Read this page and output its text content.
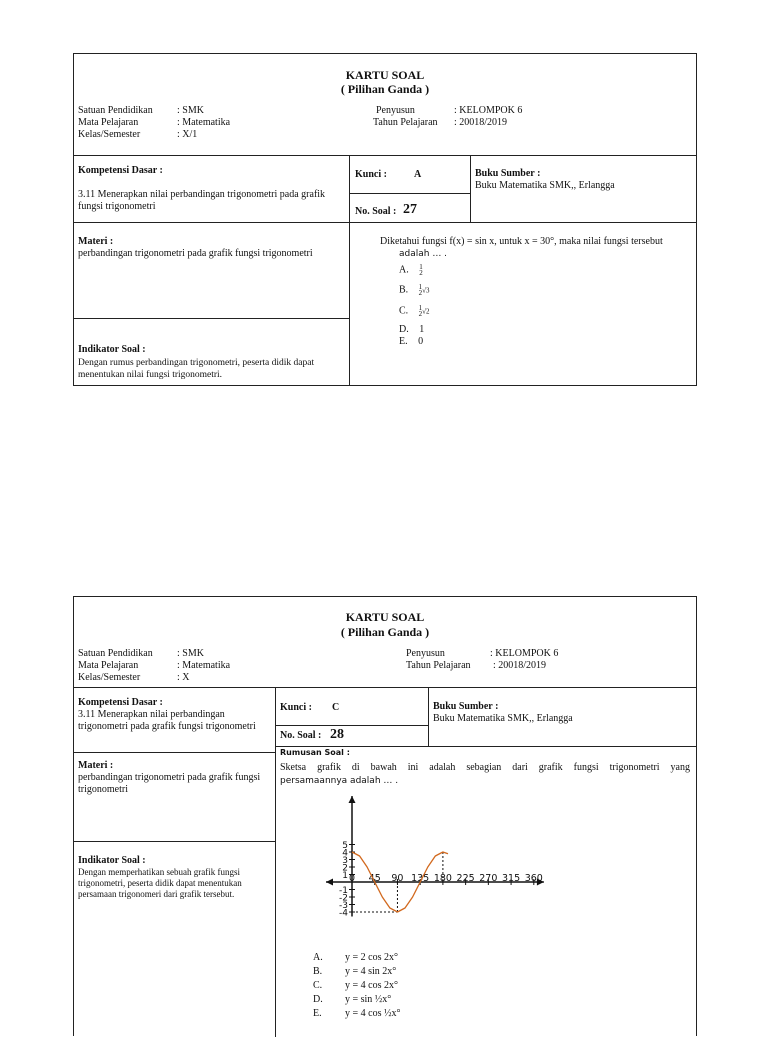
KARTU SOAL
( Pilihan Ganda )
Satuan Pendidikan : SMK
Mata Pelajaran	: Matematika
Kelas/Semester	: X/1
Penyusun	: KELOMPOK 6
Tahun Pelajaran : 20018/2019
Kompetensi Dasar :
3.11 Menerapkan nilai perbandingan trigonometri pada grafik fungsi trigonometri
Kunci :	A	Buku Sumber :
Buku Matematika SMK,, Erlangga
No. Soal : 27
Materi :
perbandingan trigonometri pada grafik fungsi trigonometri
Indikator Soal :
Dengan rumus perbandingan trigonometri, peserta didik dapat menentukan nilai fungsi trigonometri.
Diketahui fungsi f(x) = sin x, untuk x = 30°, maka nilai fungsi tersebut
adalah … .
A. 1
2
B. 1
2√3
C. 1
2√2
D. 1
E. 0
KARTU SOAL
( Pilihan Ganda )
Satuan Pendidikan : SMK
Mata Pelajaran	: Matematika
Kelas/Semester	: X
Penyusun	: KELOMPOK 6
Tahun Pelajaran : 20018/2019
Kompetensi Dasar :
3.11 Menerapkan nilai perbandingan trigonometri pada grafik fungsi trigonometri
Kunci : C	Buku Sumber :
Buku Matematika SMK,, Erlangga
No. Soal : 28
Materi :
perbandingan trigonometri pada grafik fungsi trigonometri
Indikator Soal :
Dengan memperhatikan sebuah grafik fungsi trigonometri, peserta didik dapat menentukan persamaan trigonomeri dari grafik tersebut.
Rumusan Soal :
Sketsa grafik di bawah ini adalah sebagian dari grafik fungsi trigonometri yang
persamaannya adalah … .
5
4
3
2
1
-1
-2
-3
-4
0 45 90 135 180 225 270 315 360
A. y = 2 cos 2x°
B. y = 4 sin 2x°
C. y = 4 cos 2x°
D. y = sin ½x°
E. y = 4 cos ½x°
